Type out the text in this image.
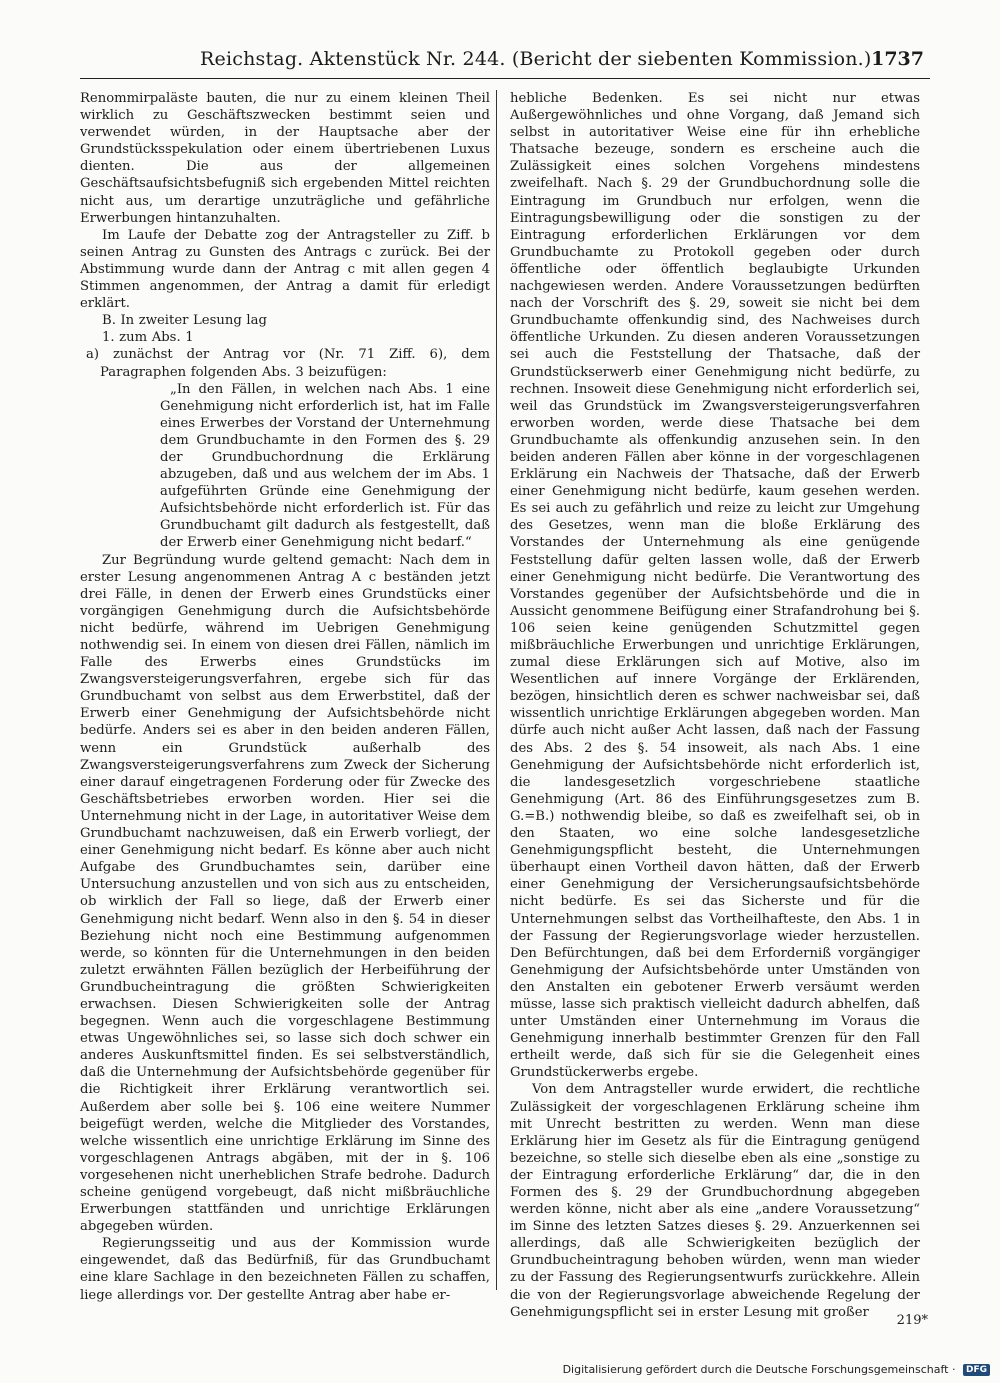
Reichstag. Aktenstück Nr. 244. (Bericht der siebenten Kommission.) 1737

Renommirpaläste bauten, die nur zu einem kleinen Theil wirklich zu Geschäftszwecken bestimmt seien und verwendet würden, in der Hauptsache aber der Grundstücksspekulation oder einem übertriebenen Luxus dienten. Die aus der allgemeinen Geschäftsaufsichtsbefugniß sich ergebenden Mittel reichten nicht aus, um derartige unzuträgliche und gefährliche Erwerbungen hintanzuhalten.

Im Laufe der Debatte zog der Antragsteller zu Ziff. b seinen Antrag zu Gunsten des Antrags c zurück. Bei der Abstimmung wurde dann der Antrag c mit allen gegen 4 Stimmen angenommen, der Antrag a damit für erledigt erklärt.

B. In zweiter Lesung lag

1. zum Abs. 1

a) zunächst der Antrag vor (Nr. 71 Ziff. 6), dem Paragraphen folgenden Abs. 3 beizufügen:

„In den Fällen, in welchen nach Abs. 1 eine Genehmigung nicht erforderlich ist, hat im Falle eines Erwerbes der Vorstand der Unternehmung dem Grundbuchamte in den Formen des §. 29 der Grundbuchordnung die Erklärung abzugeben, daß und aus welchem der im Abs. 1 aufgeführten Gründe eine Genehmigung der Aufsichtsbehörde nicht erforderlich ist. Für das Grundbuchamt gilt dadurch als festgestellt, daß der Erwerb einer Genehmigung nicht bedarf.“

Zur Begründung wurde geltend gemacht: Nach dem in erster Lesung angenommenen Antrag A c beständen jetzt drei Fälle, in denen der Erwerb eines Grundstücks einer vorgängigen Genehmigung durch die Aufsichtsbehörde nicht bedürfe, während im Uebrigen Genehmigung nothwendig sei. In einem von diesen drei Fällen, nämlich im Falle des Erwerbs eines Grundstücks im Zwangsversteigerungsverfahren, ergebe sich für das Grundbuchamt von selbst aus dem Erwerbstitel, daß der Erwerb einer Genehmigung der Aufsichtsbehörde nicht bedürfe. Anders sei es aber in den beiden anderen Fällen, wenn ein Grundstück außerhalb des Zwangsversteigerungsverfahrens zum Zweck der Sicherung einer darauf eingetragenen Forderung oder für Zwecke des Geschäftsbetriebes erworben worden. Hier sei die Unternehmung nicht in der Lage, in autoritativer Weise dem Grundbuchamt nachzuweisen, daß ein Erwerb vorliegt, der einer Genehmigung nicht bedarf. Es könne aber auch nicht Aufgabe des Grundbuchamtes sein, darüber eine Untersuchung anzustellen und von sich aus zu entscheiden, ob wirklich der Fall so liege, daß der Erwerb einer Genehmigung nicht bedarf. Wenn also in den §. 54 in dieser Beziehung nicht noch eine Bestimmung aufgenommen werde, so könnten für die Unternehmungen in den beiden zuletzt erwähnten Fällen bezüglich der Herbeiführung der Grundbucheintragung die größten Schwierigkeiten erwachsen. Diesen Schwierigkeiten solle der Antrag begegnen. Wenn auch die vorgeschlagene Bestimmung etwas Ungewöhnliches sei, so lasse sich doch schwer ein anderes Auskunftsmittel finden. Es sei selbstverständlich, daß die Unternehmung der Aufsichtsbehörde gegenüber für die Richtigkeit ihrer Erklärung verantwortlich sei. Außerdem aber solle bei §. 106 eine weitere Nummer beigefügt werden, welche die Mitglieder des Vorstandes, welche wissentlich eine unrichtige Erklärung im Sinne des vorgeschlagenen Antrags abgäben, mit der in §. 106 vorgesehenen nicht unerheblichen Strafe bedrohe. Dadurch scheine genügend vorgebeugt, daß nicht mißbräuchliche Erwerbungen stattfänden und unrichtige Erklärungen abgegeben würden.

Regierungsseitig und aus der Kommission wurde eingewendet, daß das Bedürfniß, für das Grundbuchamt eine klare Sachlage in den bezeichneten Fällen zu schaffen, liege allerdings vor. Der gestellte Antrag aber habe er-

hebliche Bedenken. Es sei nicht nur etwas Außergewöhnliches und ohne Vorgang, daß Jemand sich selbst in autoritativer Weise eine für ihn erhebliche Thatsache bezeuge, sondern es erscheine auch die Zulässigkeit eines solchen Vorgehens mindestens zweifelhaft. Nach §. 29 der Grundbuchordnung solle die Eintragung im Grundbuch nur erfolgen, wenn die Eintragungsbewilligung oder die sonstigen zu der Eintragung erforderlichen Erklärungen vor dem Grundbuchamte zu Protokoll gegeben oder durch öffentliche oder öffentlich beglaubigte Urkunden nachgewiesen werden. Andere Voraussetzungen bedürften nach der Vorschrift des §. 29, soweit sie nicht bei dem Grundbuchamte offenkundig sind, des Nachweises durch öffentliche Urkunden. Zu diesen anderen Voraussetzungen sei auch die Feststellung der Thatsache, daß der Grundstückserwerb einer Genehmigung nicht bedürfe, zu rechnen. Insoweit diese Genehmigung nicht erforderlich sei, weil das Grundstück im Zwangsversteigerungsverfahren erworben worden, werde diese Thatsache bei dem Grundbuchamte als offenkundig anzusehen sein. In den beiden anderen Fällen aber könne in der vorgeschlagenen Erklärung ein Nachweis der Thatsache, daß der Erwerb einer Genehmigung nicht bedürfe, kaum gesehen werden. Es sei auch zu gefährlich und reize zu leicht zur Umgehung des Gesetzes, wenn man die bloße Erklärung des Vorstandes der Unternehmung als eine genügende Feststellung dafür gelten lassen wolle, daß der Erwerb einer Genehmigung nicht bedürfe. Die Verantwortung des Vorstandes gegenüber der Aufsichtsbehörde und die in Aussicht genommene Beifügung einer Strafandrohung bei §. 106 seien keine genügenden Schutzmittel gegen mißbräuchliche Erwerbungen und unrichtige Erklärungen, zumal diese Erklärungen sich auf Motive, also im Wesentlichen auf innere Vorgänge der Erklärenden, bezögen, hinsichtlich deren es schwer nachweisbar sei, daß wissentlich unrichtige Erklärungen abgegeben worden. Man dürfe auch nicht außer Acht lassen, daß nach der Fassung des Abs. 2 des §. 54 insoweit, als nach Abs. 1 eine Genehmigung der Aufsichtsbehörde nicht erforderlich ist, die landesgesetzlich vorgeschriebene staatliche Genehmigung (Art. 86 des Einführungsgesetzes zum B. G.=B.) nothwendig bleibe, so daß es zweifelhaft sei, ob in den Staaten, wo eine solche landesgesetzliche Genehmigungspflicht besteht, die Unternehmungen überhaupt einen Vortheil davon hätten, daß der Erwerb einer Genehmigung der Versicherungsaufsichtsbehörde nicht bedürfe. Es sei das Sicherste und für die Unternehmungen selbst das Vortheilhafteste, den Abs. 1 in der Fassung der Regierungsvorlage wieder herzustellen. Den Befürchtungen, daß bei dem Erforderniß vorgängiger Genehmigung der Aufsichtsbehörde unter Umständen von den Anstalten ein gebotener Erwerb versäumt werden müsse, lasse sich praktisch vielleicht dadurch abhelfen, daß unter Umständen einer Unternehmung im Voraus die Genehmigung innerhalb bestimmter Grenzen für den Fall ertheilt werde, daß sich für sie die Gelegenheit eines Grundstückerwerbs ergebe.

Von dem Antragsteller wurde erwidert, die rechtliche Zulässigkeit der vorgeschlagenen Erklärung scheine ihm mit Unrecht bestritten zu werden. Wenn man diese Erklärung hier im Gesetz als für die Eintragung genügend bezeichne, so stelle sich dieselbe eben als eine „sonstige zu der Eintragung erforderliche Erklärung“ dar, die in den Formen des §. 29 der Grundbuchordnung abgegeben werden könne, nicht aber als eine „andere Voraussetzung“ im Sinne des letzten Satzes dieses §. 29. Anzuerkennen sei allerdings, daß alle Schwierigkeiten bezüglich der Grundbucheintragung behoben würden, wenn man wieder zu der Fassung des Regierungsentwurfs zurückkehre. Allein die von der Regierungsvorlage abweichende Regelung der Genehmigungspflicht sei in erster Lesung mit großer

219*
Digitalisierung gefördert durch die Deutsche Forschungsgemeinschaft · DFG
